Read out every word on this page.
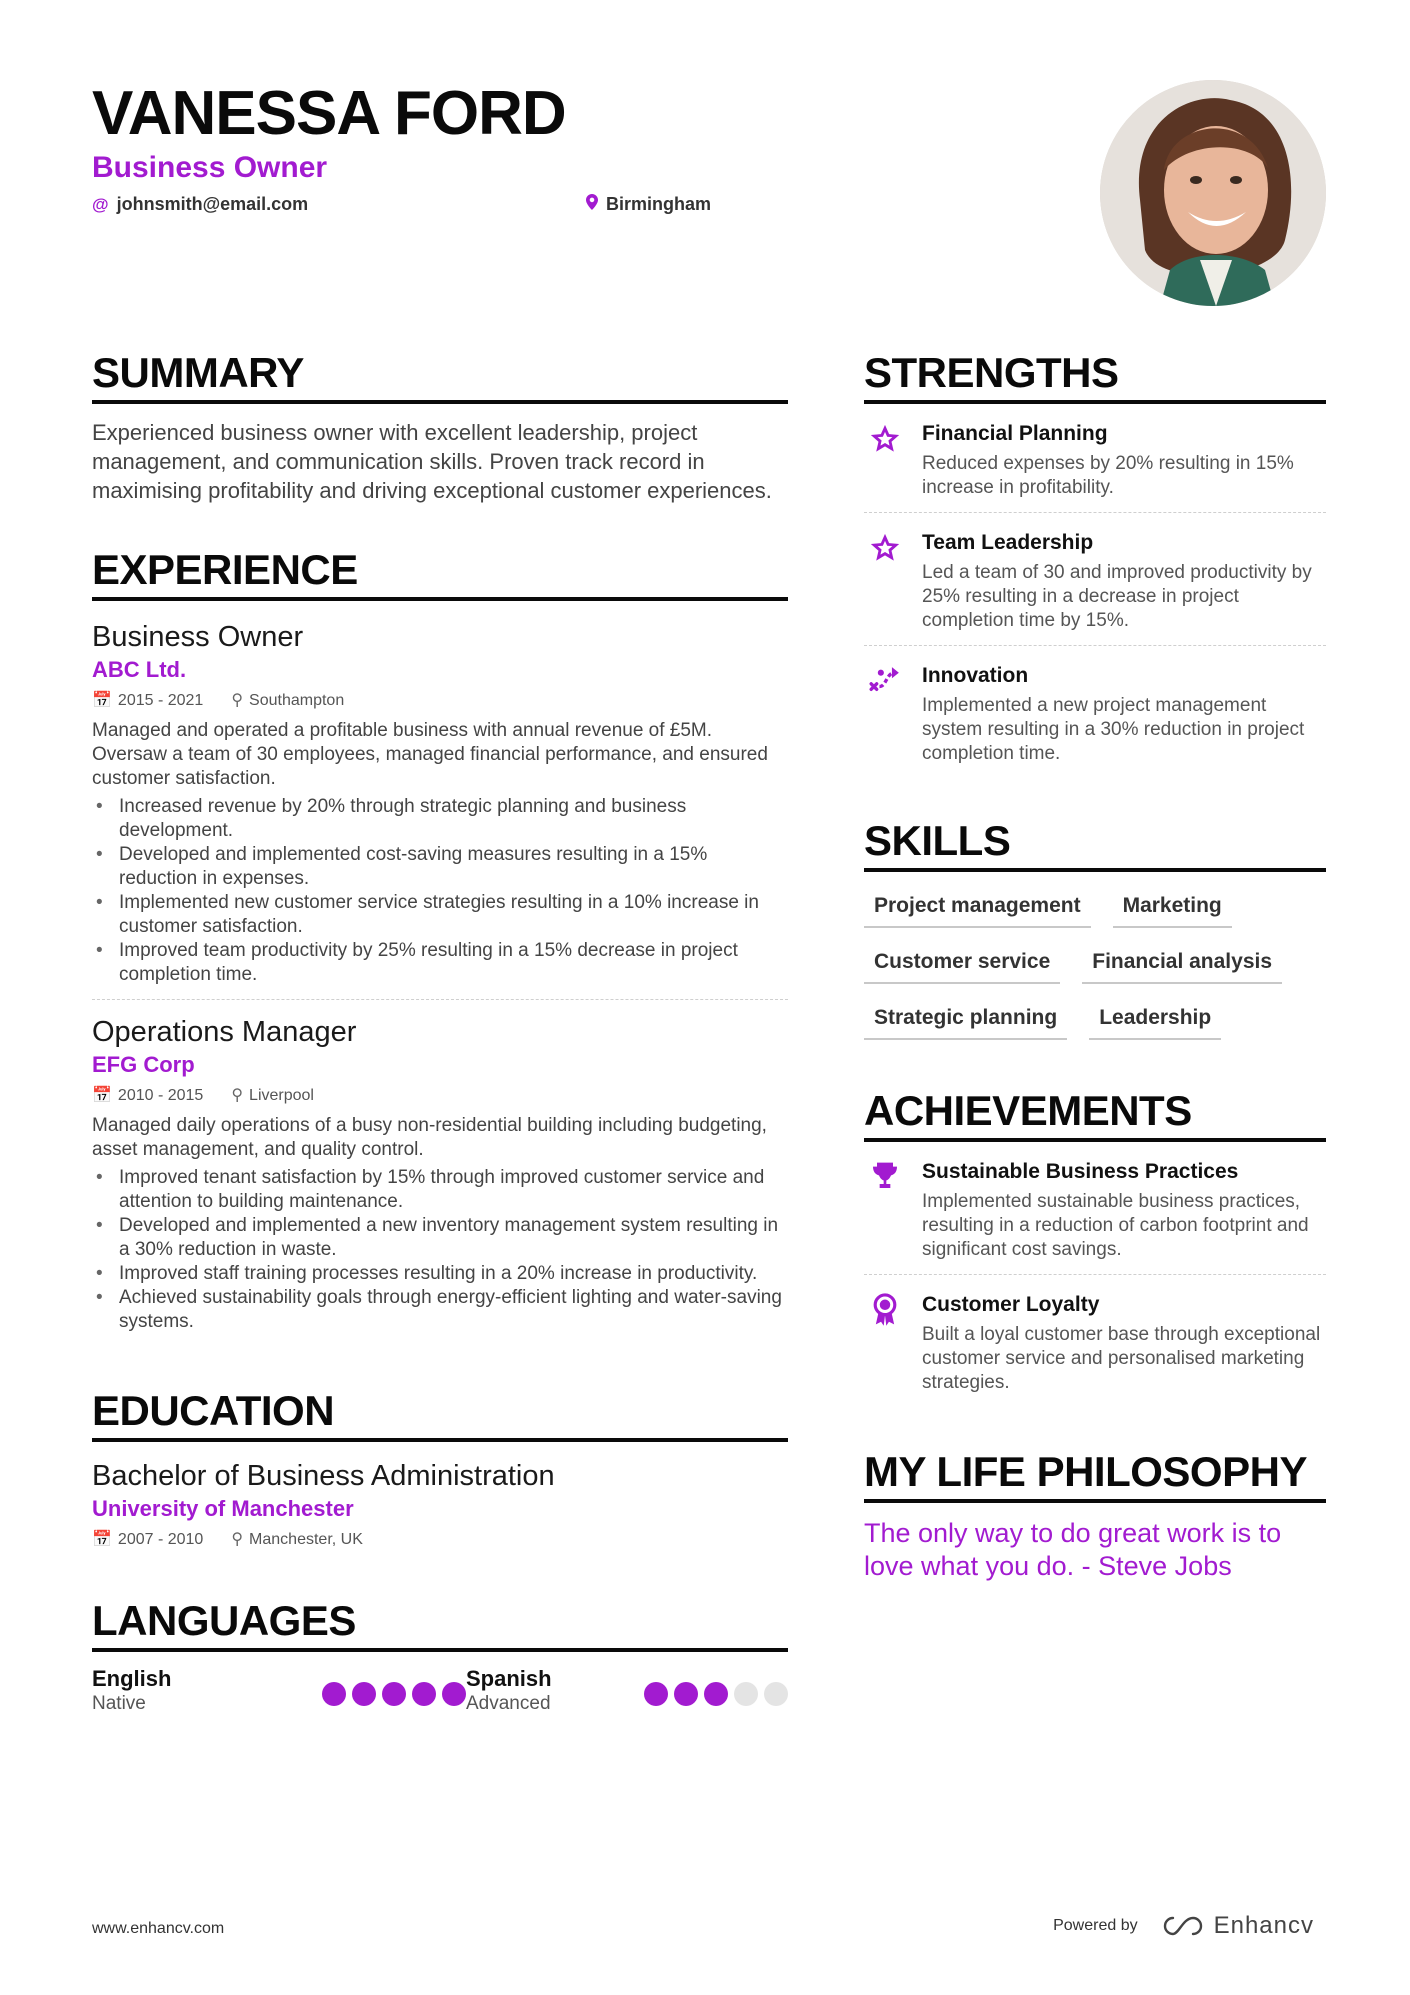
VANESSA FORD
Business Owner
@ johnsmith@email.com	Birmingham
SUMMARY
Experienced business owner with excellent leadership, project management, and communication skills. Proven track record in maximising profitability and driving exceptional customer experiences.
EXPERIENCE
Business Owner
ABC Ltd.
📅 2015 - 2021 ⚲ Southampton
Managed and operated a profitable business with annual revenue of £5M. Oversaw a team of 30 employees, managed financial performance, and ensured customer satisfaction.
• Increased revenue by 20% through strategic planning and business development.
• Developed and implemented cost-saving measures resulting in a 15% reduction in expenses.
• Implemented new customer service strategies resulting in a 10% increase in customer satisfaction.
• Improved team productivity by 25% resulting in a 15% decrease in project completion time.
Operations Manager
EFG Corp
📅 2010 - 2015 ⚲ Liverpool
Managed daily operations of a busy non-residential building including budgeting, asset management, and quality control.
• Improved tenant satisfaction by 15% through improved customer service and attention to building maintenance.
• Developed and implemented a new inventory management system resulting in a 30% reduction in waste.
• Improved staff training processes resulting in a 20% increase in productivity.
• Achieved sustainability goals through energy-efficient lighting and water-saving systems.
EDUCATION
Bachelor of Business Administration
University of Manchester
📅 2007 - 2010 ⚲ Manchester, UK
LANGUAGES
English
Native
Spanish
Advanced
STRENGTHS
Financial Planning
Reduced expenses by 20% resulting in 15% increase in profitability.
Team Leadership
Led a team of 30 and improved productivity by 25% resulting in a decrease in project completion time by 15%.
Innovation
Implemented a new project management system resulting in a 30% reduction in project completion time.
SKILLS
Project management	Marketing
Customer service	Financial analysis
Strategic planning	Leadership
ACHIEVEMENTS
Sustainable Business Practices
Implemented sustainable business practices, resulting in a reduction of carbon footprint and significant cost savings.
Customer Loyalty
Built a loyal customer base through exceptional customer service and personalised marketing strategies.
MY LIFE PHILOSOPHY
The only way to do great work is to love what you do. - Steve Jobs
www.enhancv.com	Powered by	Enhancv
